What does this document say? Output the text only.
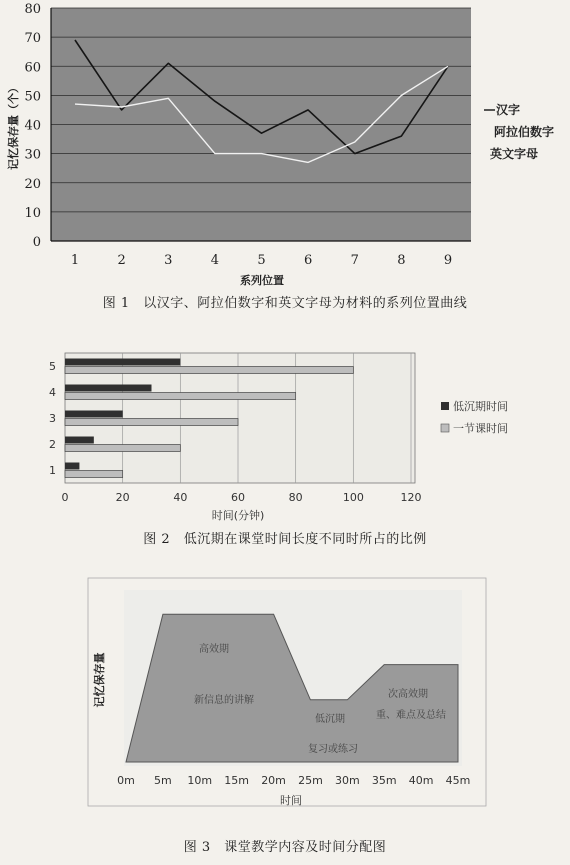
0
10
20
30
40
50
60
70
80
1	2	3	4	5	6	7	8	9
记忆保存量（个）
系列位置
汉字
阿拉伯数字
英文字母
1
2
3
4
5
0	20	40	60	80	100	120
时间(分钟)
低沉期时间
一节课时间
0m 5m 10m 15m 20m 25m 30m 35m 40m 45m
记忆保存量
时间
高效期
新信息的讲解
低沉期
复习或练习
次高效期
重、难点及总结
图 1　以汉字、阿拉伯数字和英文字母为材料的系列位置曲线
图 2　低沉期在课堂时间长度不同时所占的比例
图 3　课堂教学内容及时间分配图
